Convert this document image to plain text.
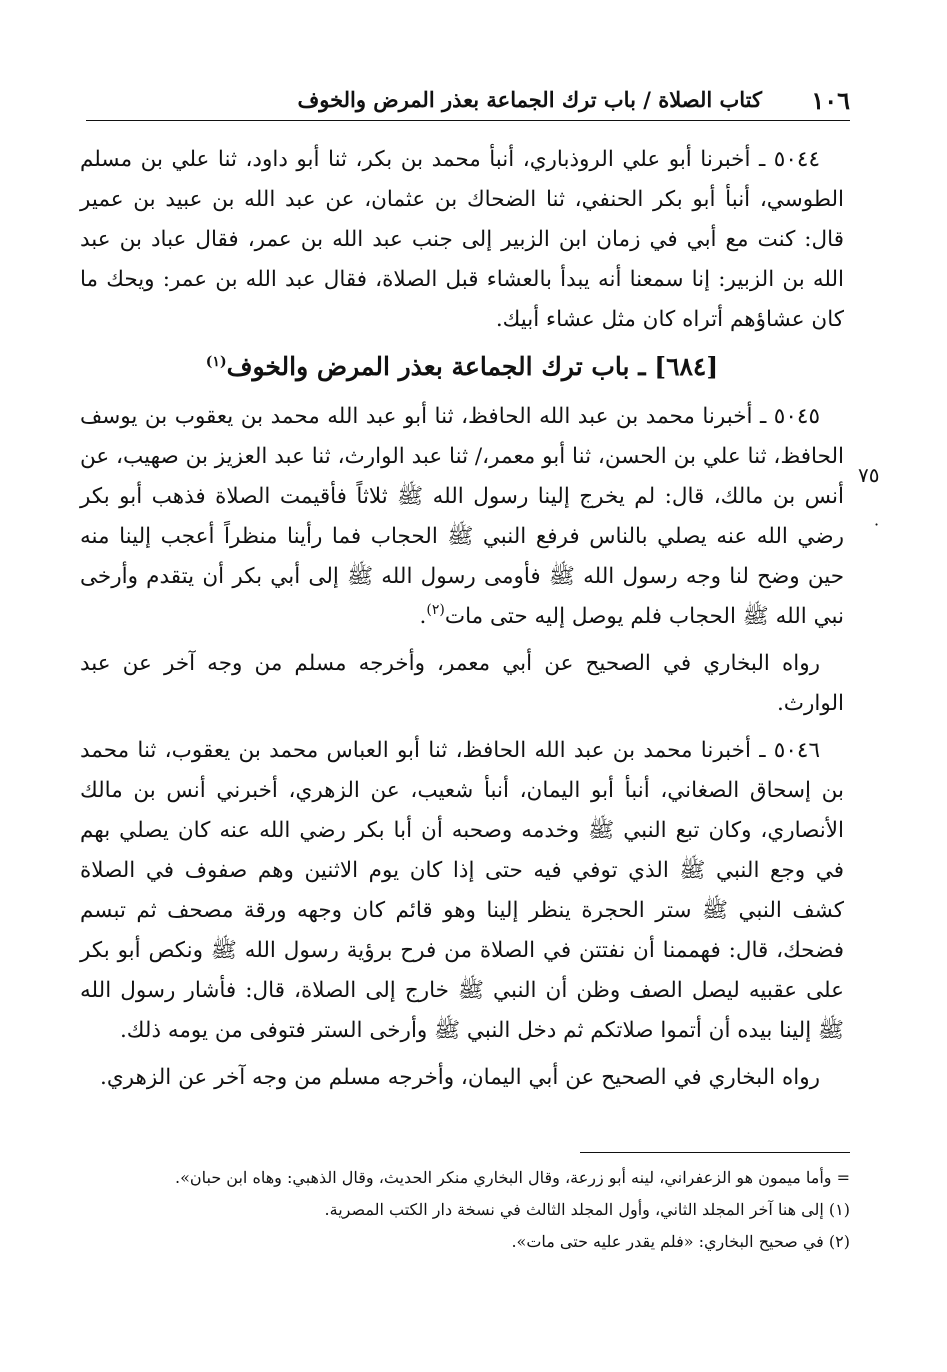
١٠٦
كتاب الصلاة / باب ترك الجماعة بعذر المرض والخوف
٧٥
·

٥٠٤٤ ـ أخبرنا أبو علي الروذباري، أنبأ محمد بن بكر، ثنا أبو داود، ثنا علي بن مسلم الطوسي، أنبأ أبو بكر الحنفي، ثنا الضحاك بن عثمان، عن عبد الله بن عبيد بن عمير قال: كنت مع أبي في زمان ابن الزبير إلى جنب عبد الله بن عمر، فقال عباد بن عبد الله بن الزبير: إنا سمعنا أنه يبدأ بالعشاء قبل الصلاة، فقال عبد الله بن عمر: ويحك ما كان عشاؤهم أتراه كان مثل عشاء أبيك.

[٦٨٤] ـ باب ترك الجماعة بعذر المرض والخوف$^{(١)}$

٥٠٤٥ ـ أخبرنا محمد بن عبد الله الحافظ، ثنا أبو عبد الله محمد بن يعقوب بن يوسف الحافظ، ثنا علي بن الحسن، ثنا أبو معمر،/ ثنا عبد الوارث، ثنا عبد العزيز بن صهيب، عن أنس بن مالك، قال: لم يخرج إلينا رسول الله ﷺ ثلاثاً فأقيمت الصلاة فذهب أبو بكر رضي الله عنه يصلي بالناس فرفع النبي ﷺ الحجاب فما رأينا منظراً أعجب إلينا منه حين وضح لنا وجه رسول الله ﷺ فأومى رسول الله ﷺ إلى أبي بكر أن يتقدم وأرخى نبي الله ﷺ الحجاب فلم يوصل إليه حتى مات$^{(٢)}$.

رواه البخاري في الصحيح عن أبي معمر، وأخرجه مسلم من وجه آخر عن عبد الوارث.

٥٠٤٦ ـ أخبرنا محمد بن عبد الله الحافظ، ثنا أبو العباس محمد بن يعقوب، ثنا محمد بن إسحاق الصغاني، أنبأ أبو اليمان، أنبأ شعيب، عن الزهري، أخبرني أنس بن مالك الأنصاري، وكان تبع النبي ﷺ وخدمه وصحبه أن أبا بكر رضي الله عنه كان يصلي بهم في وجع النبي ﷺ الذي توفي فيه حتى إذا كان يوم الاثنين وهم صفوف في الصلاة كشف النبي ﷺ ستر الحجرة ينظر إلينا وهو قائم كان وجهه ورقة مصحف ثم تبسم فضحك، قال: فهممنا أن نفتتن في الصلاة من فرح برؤية رسول الله ﷺ ونكص أبو بكر على عقبيه ليصل الصف وظن أن النبي ﷺ خارج إلى الصلاة، قال: فأشار رسول الله ﷺ إلينا بيده أن أتموا صلاتكم ثم دخل النبي ﷺ وأرخى الستر فتوفى من يومه ذلك.

رواه البخاري في الصحيح عن أبي اليمان، وأخرجه مسلم من وجه آخر عن الزهري.

= وأما ميمون هو الزعفراني، لينه أبو زرعة، وقال البخاري منكر الحديث، وقال الذهبي: وهاه ابن حبان».
(١) إلى هنا آخر المجلد الثاني، وأول المجلد الثالث في نسخة دار الكتب المصرية.
(٢) في صحيح البخاري: «فلم يقدر عليه حتى مات».
